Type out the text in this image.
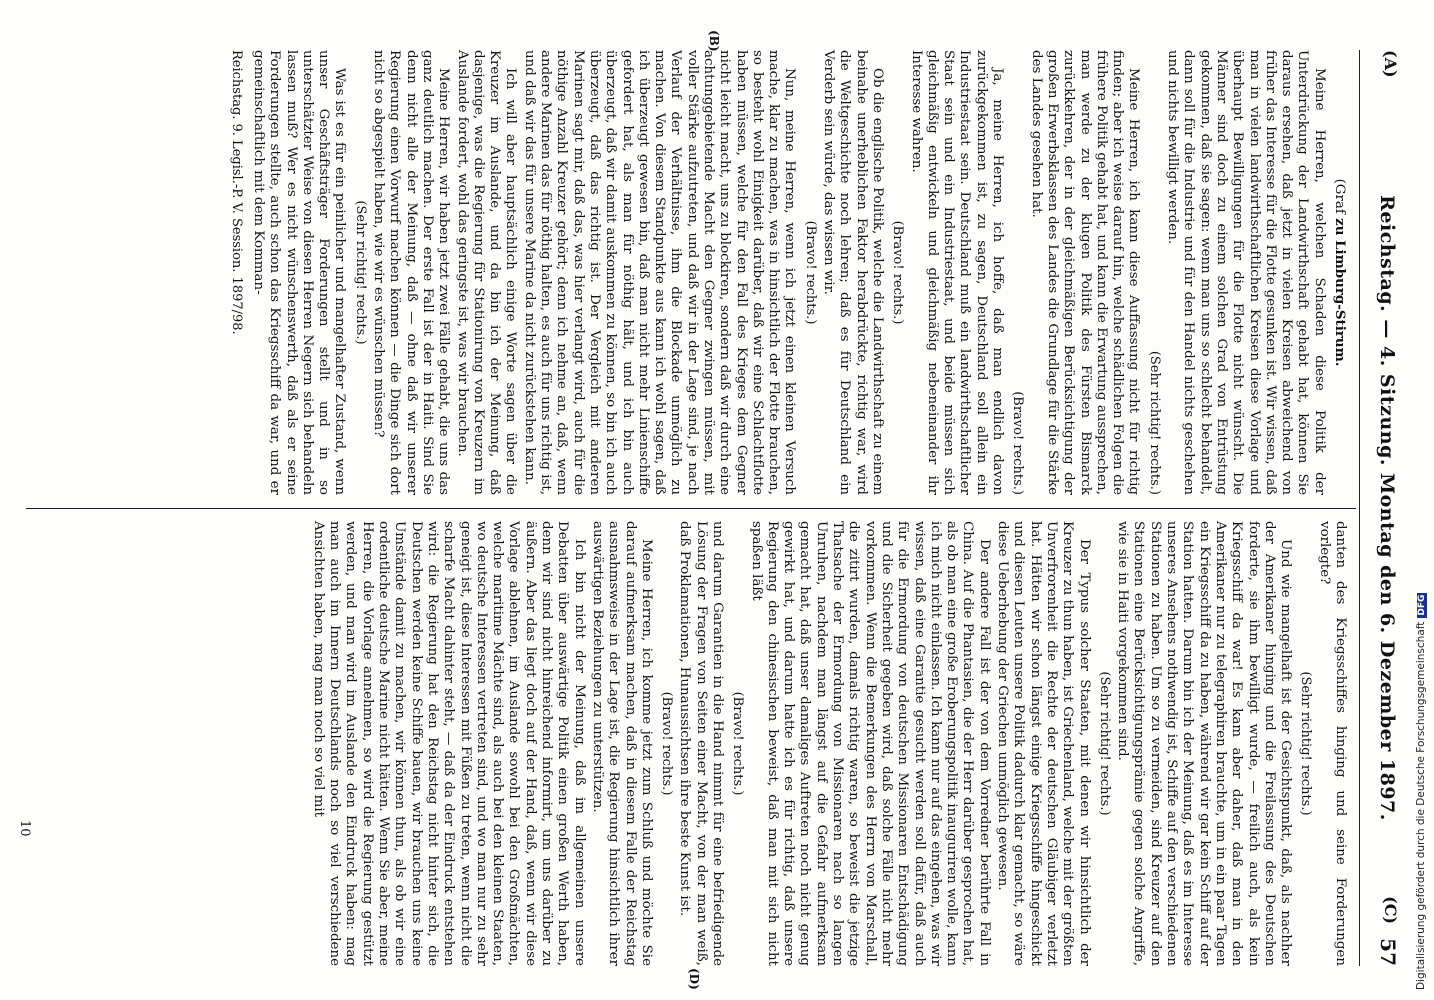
(A)
Reichstag. — 4. Sitzung. Montag den 6. Dezember 1897.
(C)
57
(B)
(D)

(Graf zu Limburg-Stirum.

Meine Herren, welchen Schaden diese Politik der Unterdrückung der Landwirthschaft gehabt hat, können Sie daraus ersehen, daß jetzt in vielen Kreisen abweichend von früher das Interesse für die Flotte gesunken ist. Wir wissen, daß man in vielen landwirthschaftlichen Kreisen diese Vorlage und überhaupt Bewilligungen für die Flotte nicht wünscht. Die Männer sind doch zu einem solchen Grad von Entrüstung gekommen, daß sie sagen: wenn man uns so schlecht behandelt, dann soll für die Industrie und für den Handel nichts geschehen und nichts bewilligt werden.

(Sehr richtig! rechts.)

Meine Herren, ich kann diese Auffassung nicht für richtig finden; aber ich weise darauf hin, welche schädlichen Folgen die frühere Politik gehabt hat, und kann die Erwartung aussprechen, man werde zu der klugen Politik des Fürsten Bismarck zurückkehren, der in der gleichmäßigen Berücksichtigung der großen Erwerbsklassen des Landes die Grundlage für die Stärke des Landes gesehen hat.

(Bravo! rechts.)

Ja, meine Herren, ich hoffe, daß man endlich davon zurückgekommen ist, zu sagen, Deutschland soll allein ein Industriestaat sein. Deutschland muß ein landwirthschaftlicher Staat sein und ein Industriestaat, und beide müssen sich gleichmäßig entwickeln und gleichmäßig nebeneinander ihr Interesse wahren.

(Bravo! rechts.)

Ob die englische Politik, welche die Landwirthschaft zu einem beinahe unerheblichen Faktor herabdrückte, richtig war, wird die Weltgeschichte noch lehren; daß es für Deutschland ein Verderb sein würde, das wissen wir.

(Bravo! rechts.)

Nun, meine Herren, wenn ich jetzt einen kleinen Versuch mache, klar zu machen, was in hinsichtlich der Flotte brauchen, so besteht wohl Einigkeit darüber, daß wir eine Schlachtflotte haben müssen, welche für den Fall des Krieges dem Gegner nicht leicht macht, uns zu blockiren, sondern daß wir durch eine achtunggebietende Macht den Gegner zwingen müssen, mit voller Stärke aufzutreten, und daß wir in der Lage sind, je nach Verlauf der Verhältnisse, ihm die Blockade unmöglich zu machen. Von diesem Standpunkte aus kann ich wohl sagen, daß ich überzeugt gewesen bin, daß man nicht mehr Linienschiffe gefordert hat, als man für nöthig hält, und ich bin auch überzeugt, daß wir damit auskommen zu können, so bin ich auch überzeugt, daß das richtig ist. Der Vergleich mit anderen Marinen sagt mir, daß das, was hier verlangt wird, auch für die nöthige Anzahl Kreuzer gehört; denn ich nehme an, daß, wenn andere Marinen das für nöthig halten, es auch für uns richtig ist, und daß wir das für unsere Marine da nicht zurückstehen kann.

Ich will aber hauptsächlich einige Worte sagen über die Kreuzer im Auslande, und da bin ich der Meinung, daß dasjenige, was die Regierung für Stationirung von Kreuzern im Auslande fordert, wohl das geringste ist, was wir brauchen.

Meine Herren, wir haben jetzt zwei Fälle gehabt, die uns das ganz deutlich machen. Der erste Fall ist der in Haiti. Sind Sie denn nicht alle der Meinung, daß — ohne daß wir unserer Regierung einen Vorwurf machen können — die Dinge sich dort nicht so abgespielt haben, wie wir es wünschen müssen?

(Sehr richtig! rechts.)

Was ist es für ein peinlicher und mangelhafter Zustand, wenn unser Geschäftsträger Forderungen stellt und in so unterschätzter Weise von diesen Herren Negern sich behandeln lassen muß? Wer es nicht wünschenswerth, daß als er seine Forderungen stellte, auch schon das Kriegsschiff da war, und er gemeinschaftlich mit dem Komman-

Reichstag. 9. Legisl.-P. V. Session. 1897/98.

danten des Kriegsschiffes hinging und seine Forderungen vorlegte?

(Sehr richtig! rechts.)

Und wie mangelhaft ist der Gesichtspunkt, daß, als nachher der Amerikaner hinging und die Freilassung des Deutschen forderte, sie ihm bewilligt wurde, — freilich auch, als kein Kriegsschiff da war! Es kam aber daher, daß man in den Amerikaner nur zu telegraphiren brauchte, um in ein paar Tagen ein Kriegsschiff da zu haben, während wir gar kein Schiff auf der Station hatten. Darum bin ich der Meinung, daß es im Interesse unseres Ansehens nothwendig ist, Schiffe auf den verschiedenen Stationen zu haben. Um so zu vermeiden, sind Kreuzer auf den Stationen eine Berücksichtigungsprämie gegen solche Angriffe, wie sie in Haiti vorgekommen sind.

(Sehr richtig! rechts.)

Der Typus solcher Staaten, mit denen wir hinsichtlich der Kreuzer zu thun haben, ist Griechenland, welche mit der größten Unverfrorenheit die Rechte der deutschen Gläubiger verletzt hat. Hätten wir schon längst einige Kriegsschiffe hingeschickt und diesen Leuten unsere Politik dadurch klar gemacht, so wäre diese Ueberhebung der Griechen unmöglich gewesen.

Der andere Fall ist der von dem Vorredner berührte Fall in China. Auf die Phantasien, die der Herr darüber gesprochen hat, als ob man eine große Eroberungspolitik inauguriren wolle, kann ich mich nicht einlassen. Ich kann nur auf das eingehen, was wir wissen, daß eine Garantie gesucht werden soll dafür, daß auch für die Ermordung von deutschen Missionaren Entschädigung und die Sicherheit gegeben wird, daß solche Fälle nicht mehr vorkommen. Wenn die Bemerkungen des Herrn von Marschall, die zitirt wurden, damals richtig waren, so beweist die jetzige Thatsache der Ermordung von Missionaren nach so langen Unruhen, nachdem man längst auf die Gefahr aufmerksam gemacht hat, daß unser damaliges Auftreten noch nicht genug gewirkt hat, und darum hatte ich es für richtig, daß unsere Regierung den chinesischen beweist, daß man mit sich nicht spaßen läßt

(Bravo! rechts.)

und darum Garantien in die Hand nimmt für eine befriedigende Lösung der Fragen von Seiten einer Macht, von der man weiß, daß Proklamationen, Hunaussichtsen ihre beste Kunst ist.

(Bravo! rechts.)

Meine Herren, ich komme jetzt zum Schluß und möchte Sie darauf aufmerksam machen, daß in diesem Falle der Reichstag ausnahmsweise in der Lage ist, die Regierung hinsichtlich ihrer auswärtigen Beziehungen zu unterstützen.

Ich bin nicht der Meinung, daß im allgemeinen unsere Debatten über auswärtige Politik einen großen Werth haben, denn wir sind nicht hinreichend informirt, um uns darüber zu äußern. Aber das liegt doch auf der Hand, daß, wenn wir diese Vorlage ablehnen, im Auslande sowohl bei den Großmächten, welche maritime Mächte sind, als auch bei den kleinen Staaten, wo deutsche Interessen vertreten sind, und wo man nur zu sehr geneigt ist, diese Interessen mit Füßen zu treten, wenn nicht die scharfe Macht dahinter steht, — daß da der Eindruck entstehen wird: die Regierung hat den Reichstag nicht hinter sich, die Deutschen werden keine Schiffe bauen, wir brauchen uns keine Umstände damit zu machen, wir können thun, als ob wir eine ordentliche deutsche Marine nicht hätten. Wenn Sie aber, meine Herren, die Vorlage annehmen, so wird die Regierung gestützt werden, und man wird im Auslande den Eindruck haben: mag man auch im Innern Deutschlands noch so viel verschiedene Ansichten haben, mag man noch so viel mit

10	Digitalisierung gefördert durch die Deutsche ForschungsgemeinschaftDFG
